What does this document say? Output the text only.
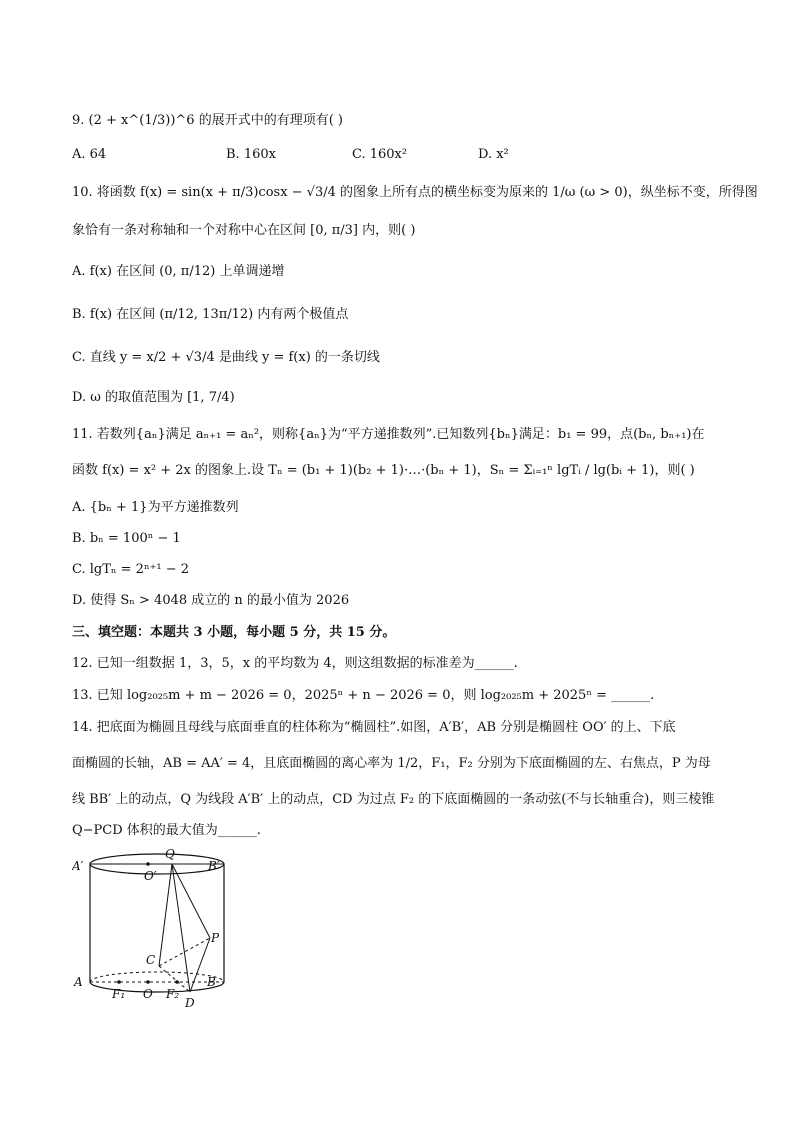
9. (2 + x^(1/3))^6 的展开式中的有理项有( )
A. 64	B. 160x	C. 160x²	D. x²
10. 将函数 f(x) = sin(x + π/3)cosx − √3/4 的图象上所有点的横坐标变为原来的 1/ω (ω > 0)，纵坐标不变，所得图
象恰有一条对称轴和一个对称中心在区间 [0, π/3] 内，则( )
A. f(x) 在区间 (0, π/12) 上单调递增
B. f(x) 在区间 (π/12, 13π/12) 内有两个极值点
C. 直线 y = x/2 + √3/4 是曲线 y = f(x) 的一条切线
D. ω 的取值范围为 [1, 7/4)
11. 若数列{aₙ}满足 aₙ₊₁ = aₙ²，则称{aₙ}为“平方递推数列”.已知数列{bₙ}满足：b₁ = 99，点(bₙ, bₙ₊₁)在
函数 f(x) = x² + 2x 的图象上.设 Tₙ = (b₁ + 1)(b₂ + 1)·…·(bₙ + 1)，Sₙ = Σᵢ₌₁ⁿ lgTᵢ / lg(bᵢ + 1)，则( )
A. {bₙ + 1}为平方递推数列
B. bₙ = 100ⁿ − 1
C. lgTₙ = 2ⁿ⁺¹ − 2
D. 使得 Sₙ > 4048 成立的 n 的最小值为 2026
三、填空题：本题共 3 小题，每小题 5 分，共 15 分。
12. 已知一组数据 1，3，5，x 的平均数为 4，则这组数据的标准差为______.
13. 已知 log₂₀₂₅m + m − 2026 = 0，2025ⁿ + n − 2026 = 0，则 log₂₀₂₅m + 2025ⁿ = ______.
14. 把底面为椭圆且母线与底面垂直的柱体称为“椭圆柱”.如图，A′B′，AB 分别是椭圆柱 OO′ 的上、下底
面椭圆的长轴，AB = AA′ = 4，且底面椭圆的离心率为 1/2，F₁，F₂ 分别为下底面椭圆的左、右焦点，P 为母
线 BB′ 上的动点，Q 为线段 A′B′ 上的动点，CD 为过点 F₂ 的下底面椭圆的一条动弦(不与长轴重合)，则三棱锥
Q−PCD 体积的最大值为______.
A′
O′
Q
B′
P
C
A
F₁ O F₂
B
D
